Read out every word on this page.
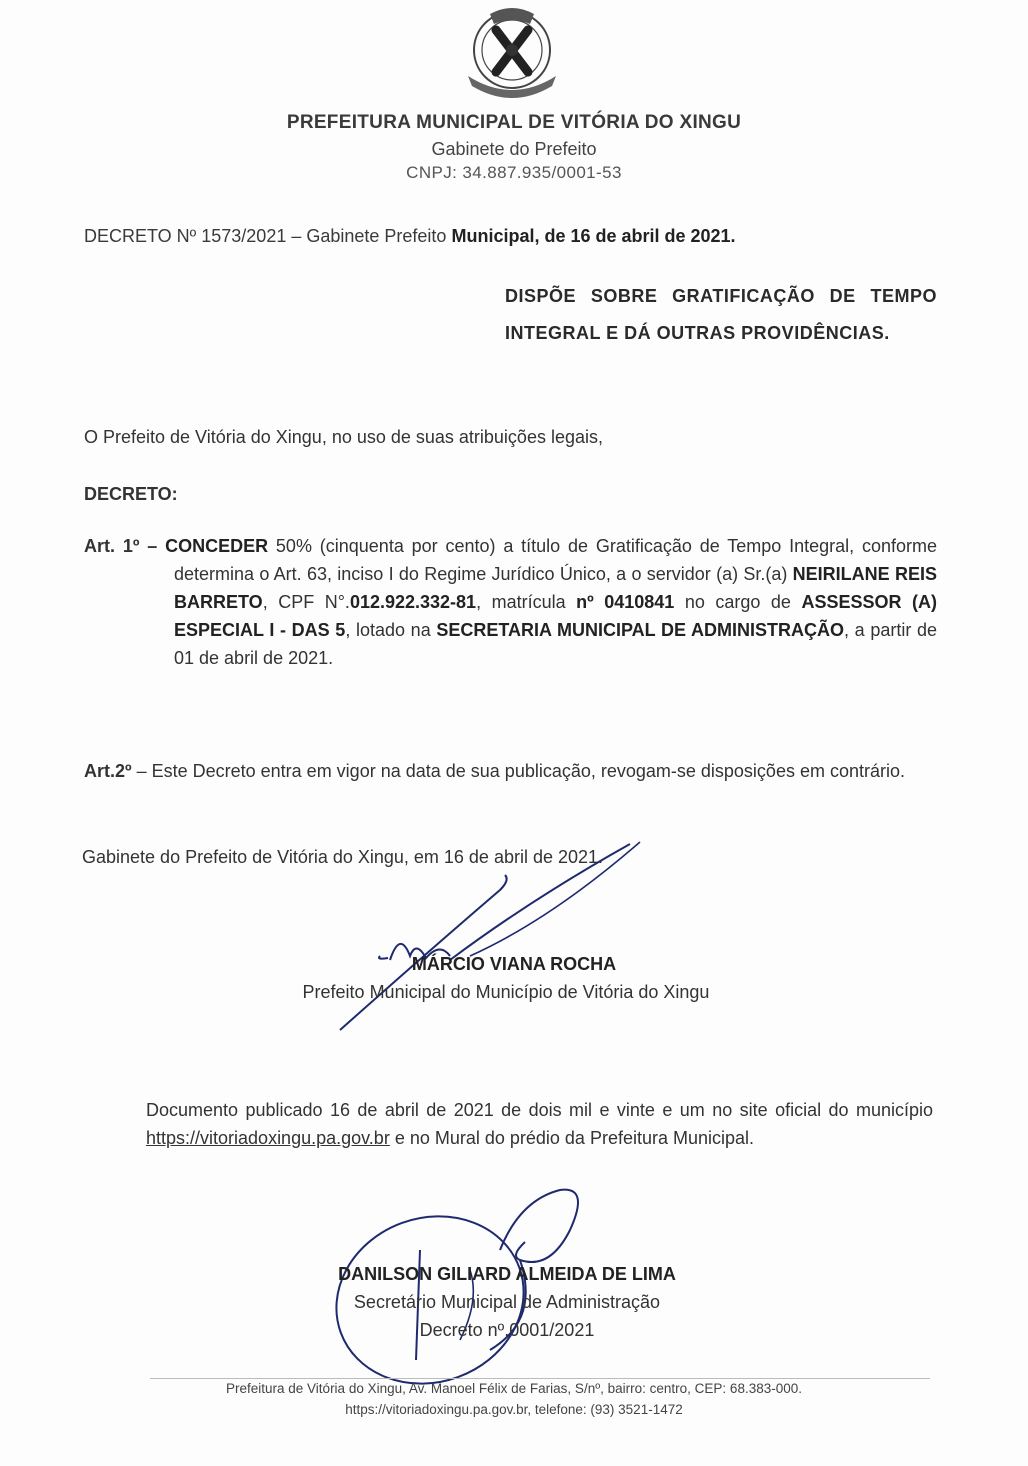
PREFEITURA MUNICIPAL DE VITÓRIA DO XINGU
Gabinete do Prefeito
CNPJ: 34.887.935/0001-53
DECRETO Nº 1573/2021 – Gabinete Prefeito Municipal, de 16 de abril de 2021.
DISPÕE SOBRE GRATIFICAÇÃO DE TEMPO INTEGRAL E DÁ OUTRAS PROVIDÊNCIAS.
O Prefeito de Vitória do Xingu, no uso de suas atribuições legais,
DECRETO:
Art. 1º – CONCEDER 50% (cinquenta por cento) a título de Gratificação de Tempo Integral, conforme determina o Art. 63, inciso I do Regime Jurídico Único, a o servidor (a) Sr.(a) NEIRILANE REIS BARRETO, CPF N°.012.922.332-81, matrícula nº 0410841 no cargo de ASSESSOR (A) ESPECIAL I - DAS 5, lotado na SECRETARIA MUNICIPAL DE ADMINISTRAÇÃO, a partir de 01 de abril de 2021.
Art.2º – Este Decreto entra em vigor na data de sua publicação, revogam-se disposições em contrário.
Gabinete do Prefeito de Vitória do Xingu, em 16 de abril de 2021.
MÁRCIO VIANA ROCHA
Prefeito Municipal do Município de Vitória do Xingu
Documento publicado 16 de abril de 2021 de dois mil e vinte e um no site oficial do município https://vitoriadoxingu.pa.gov.br e no Mural do prédio da Prefeitura Municipal.
DANILSON GILIARD ALMEIDA DE LIMA
Secretário Municipal de Administração
Decreto nº.0001/2021
Prefeitura de Vitória do Xingu, Av. Manoel Félix de Farias, S/nº, bairro: centro, CEP: 68.383-000.
https://vitoriadoxingu.pa.gov.br, telefone: (93) 3521-1472
